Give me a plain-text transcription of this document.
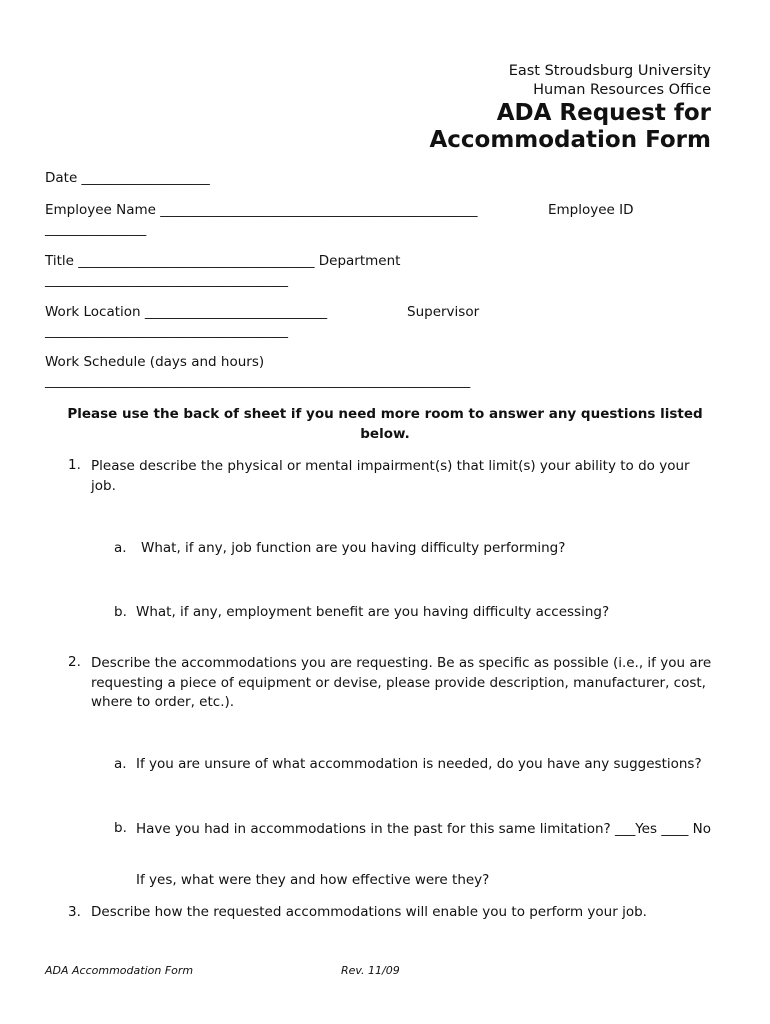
East Stroudsburg University
Human Resources Office
ADA Request for
Accommodation Form
Date ___________________
Employee Name _______________________________________________	Employee ID
_______________
Title ___________________________________ Department
____________________________________
Work Location ___________________________	Supervisor
____________________________________
Work Schedule (days and hours)
_______________________________________________________________
Please use the back of sheet if you need more room to answer any questions listed below.
1. Please describe the physical or mental impairment(s) that limit(s) your ability to do your job.
a. What, if any, job function are you having difficulty performing?
b. What, if any, employment benefit are you having difficulty accessing?
2. Describe the accommodations you are requesting. Be as specific as possible (i.e., if you are requesting a piece of equipment or devise, please provide description, manufacturer, cost, where to order, etc.).
a. If you are unsure of what accommodation is needed, do you have any suggestions?
b. Have you had in accommodations in the past for this same limitation? ___Yes ____ No
If yes, what were they and how effective were they?
3. Describe how the requested accommodations will enable you to perform your job.
ADA Accommodation Form	Rev. 11/09
